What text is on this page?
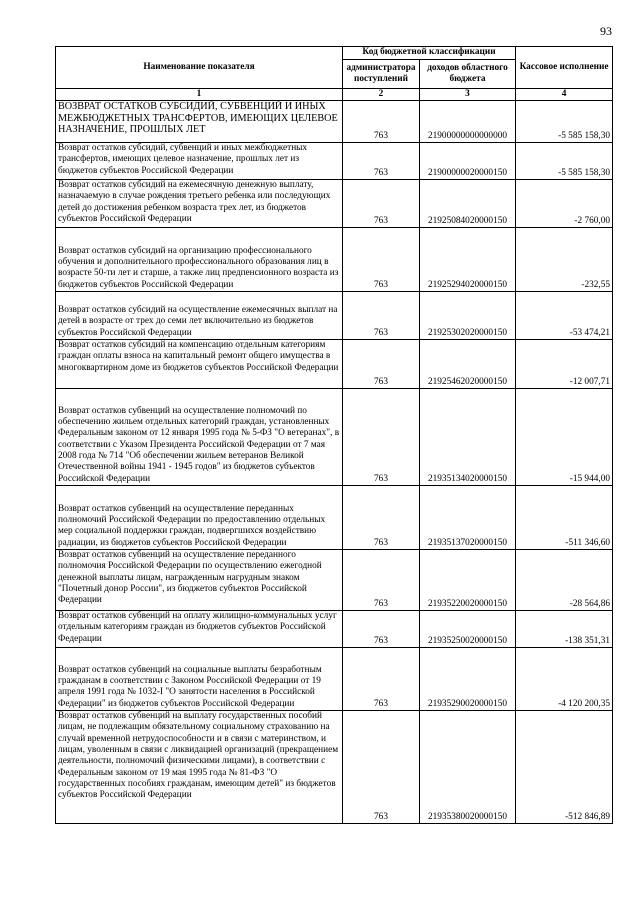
93
Наименование показателя	Код бюджетной классификации		Кассовое исполнение
	администратора поступлений	доходов областного бюджета	
1	2	3	4
ВОЗВРАТ ОСТАТКОВ СУБСИДИЙ, СУБВЕНЦИЙ И ИНЫХ МЕЖБЮДЖЕТНЫХ ТРАНСФЕРТОВ, ИМЕЮЩИХ ЦЕЛЕВОЕ НАЗНАЧЕНИЕ, ПРОШЛЫХ ЛЕТ	763	21900000000000000	-5 585 158,30
Возврат остатков субсидий, субвенций и иных межбюджетных трансфертов, имеющих целевое назначение, прошлых лет из бюджетов субъектов Российской Федерации	763	21900000020000150	-5 585 158,30
Возврат остатков субсидий на ежемесячную денежную выплату, назначаемую в случае рождения третьего ребенка или последующих детей до достижения ребенком возраста трех лет, из бюджетов субъектов Российской Федерации	763	21925084020000150	-2 760,00
Возврат остатков субсидий на организацию профессионального обучения и дополнительного профессионального образования лиц в возрасте 50-ти лет и старше, а также лиц предпенсионного возраста из бюджетов субъектов Российской Федерации	763	21925294020000150	-232,55
Возврат остатков субсидий на осуществление ежемесячных выплат на детей в возрасте от трех до семи лет включительно из бюджетов субъектов Российской Федерации	763	21925302020000150	-53 474,21
Возврат остатков субсидий на компенсацию отдельным категориям граждан оплаты взноса на капитальный ремонт общего имущества в многоквартирном доме из бюджетов субъектов Российской Федерации	763	21925462020000150	-12 007,71
Возврат остатков субвенций на осуществление полномочий по обеспечению жильем отдельных категорий граждан, установленных Федеральным законом от 12 января 1995 года № 5-ФЗ "О ветеранах", в соответствии с Указом Президента Российской Федерации от 7 мая 2008 года № 714 "Об обеспечении жильем ветеранов Великой Отечественной войны 1941 - 1945 годов" из бюджетов субъектов Российской Федерации	763	21935134020000150	-15 944,00
Возврат остатков субвенций на осуществление переданных полномочий Российской Федерации по предоставлению отдельных мер социальной поддержки граждан, подвергшихся воздействию радиации, из бюджетов субъектов Российской Федерации	763	21935137020000150	-511 346,60
Возврат остатков субвенций на осуществление переданного полномочия Российской Федерации по осуществлению ежегодной денежной выплаты лицам, награжденным нагрудным знаком "Почетный донор России", из бюджетов субъектов Российской Федерации	763	21935220020000150	-28 564,86
Возврат остатков субвенций на оплату жилищно-коммунальных услуг отдельным категориям граждан из бюджетов субъектов Российской Федерации	763	21935250020000150	-138 351,31
Возврат остатков субвенций на социальные выплаты безработным гражданам в соответствии с Законом Российской Федерации от 19 апреля 1991 года № 1032-I "О занятости населения в Российской Федерации" из бюджетов субъектов Российской Федерации	763	21935290020000150	-4 120 200,35
Возврат остатков субвенций на выплату государственных пособий лицам, не подлежащим обязательному социальному страхованию на случай временной нетрудоспособности и в связи с материнством, и лицам, уволенным в связи с ликвидацией организаций (прекращением деятельности, полномочий физическими лицами), в соответствии с Федеральным законом от 19 мая 1995 года № 81-ФЗ "О государственных пособиях гражданам, имеющим детей" из бюджетов субъектов Российской Федерации	763	21935380020000150	-512 846,89
